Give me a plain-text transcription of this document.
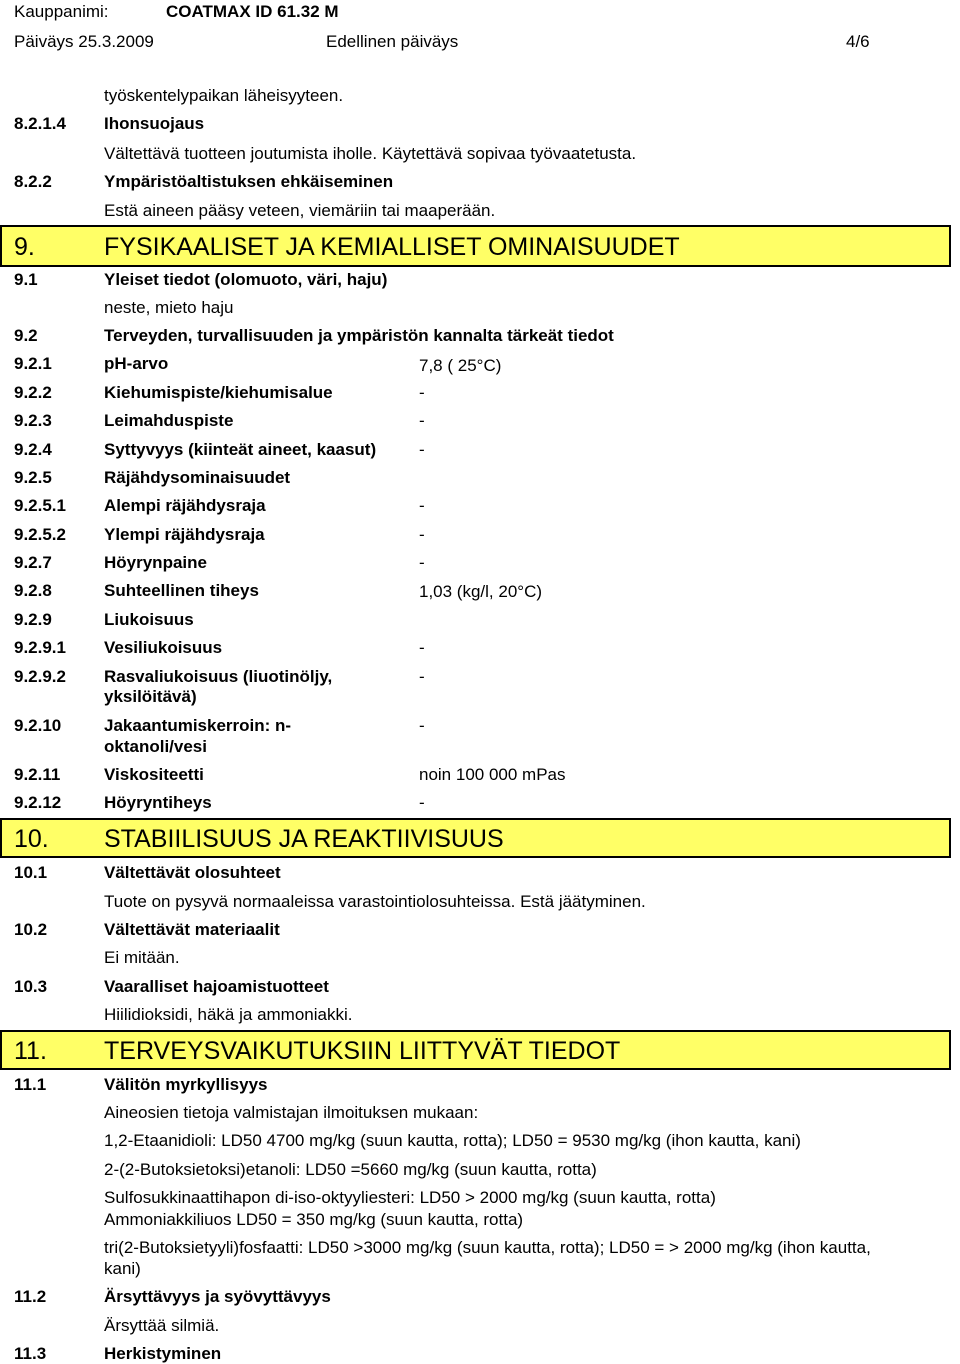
Kauppanimi:	COATMAX ID 61.32 M
Päiväys 25.3.2009	Edellinen päiväys	4/6
työskentelypaikan läheisyyteen.
8.2.1.4 Ihonsuojaus
Vältettävä tuotteen joutumista iholle. Käytettävä sopivaa työvaatetusta.
8.2.2	Ympäristöaltistuksen ehkäiseminen
Estä aineen pääsy veteen, viemäriin tai maaperään.
9.	FYSIKAALISET JA KEMIALLISET OMINAISUUDET
9.1	Yleiset tiedot (olomuoto, väri, haju)
neste, mieto haju
9.2	Terveyden, turvallisuuden ja ympäristön kannalta tärkeät tiedot
9.2.1	pH-arvo	7,8 ( 25°C)
9.2.2	Kiehumispiste/kiehumisalue	-
9.2.3	Leimahduspiste	-
9.2.4	Syttyvyys (kiinteät aineet, kaasut)	-
9.2.5	Räjähdysominaisuudet
9.2.5.1 Alempi räjähdysraja	-
9.2.5.2 Ylempi räjähdysraja	-
9.2.7	Höyrynpaine	-
9.2.8	Suhteellinen tiheys	1,03 (kg/l, 20°C)
9.2.9	Liukoisuus
9.2.9.1 Vesiliukoisuus	-
9.2.9.2 Rasvaliukoisuus (liuotinöljy,
yksilöitävä)
-
9.2.10	Jakaantumiskerroin: n-
oktanoli/vesi
-
9.2.11	Viskositeetti	noin 100 000 mPas
9.2.12	Höyryntiheys	-
10. STABIILISUUS JA REAKTIIVISUUS
10.1	Vältettävät olosuhteet
Tuote on pysyvä normaaleissa varastointiolosuhteissa. Estä jäätyminen.
10.2	Vältettävät materiaalit
Ei mitään.
10.3	Vaaralliset hajoamistuotteet
Hiilidioksidi, häkä ja ammoniakki.
11. TERVEYSVAIKUTUKSIIN LIITTYVÄT TIEDOT
11.1	Välitön myrkyllisyys
Aineosien tietoja valmistajan ilmoituksen mukaan:
1,2-Etaanidioli: LD50 4700 mg/kg (suun kautta, rotta); LD50 = 9530 mg/kg (ihon kautta, kani)
2-(2-Butoksietoksi)etanoli: LD50 =5660 mg/kg (suun kautta, rotta)
Sulfosukkinaattihapon di-iso-oktyyliesteri: LD50 > 2000 mg/kg (suun kautta, rotta)
Ammoniakkiliuos LD50 = 350 mg/kg (suun kautta, rotta)
tri(2-Butoksietyyli)fosfaatti: LD50 >3000 mg/kg (suun kautta, rotta); LD50 = > 2000 mg/kg (ihon kautta,
kani)
11.2	Ärsyttävyys ja syövyttävyys
Ärsyttää silmiä.
11.3	Herkistyminen
